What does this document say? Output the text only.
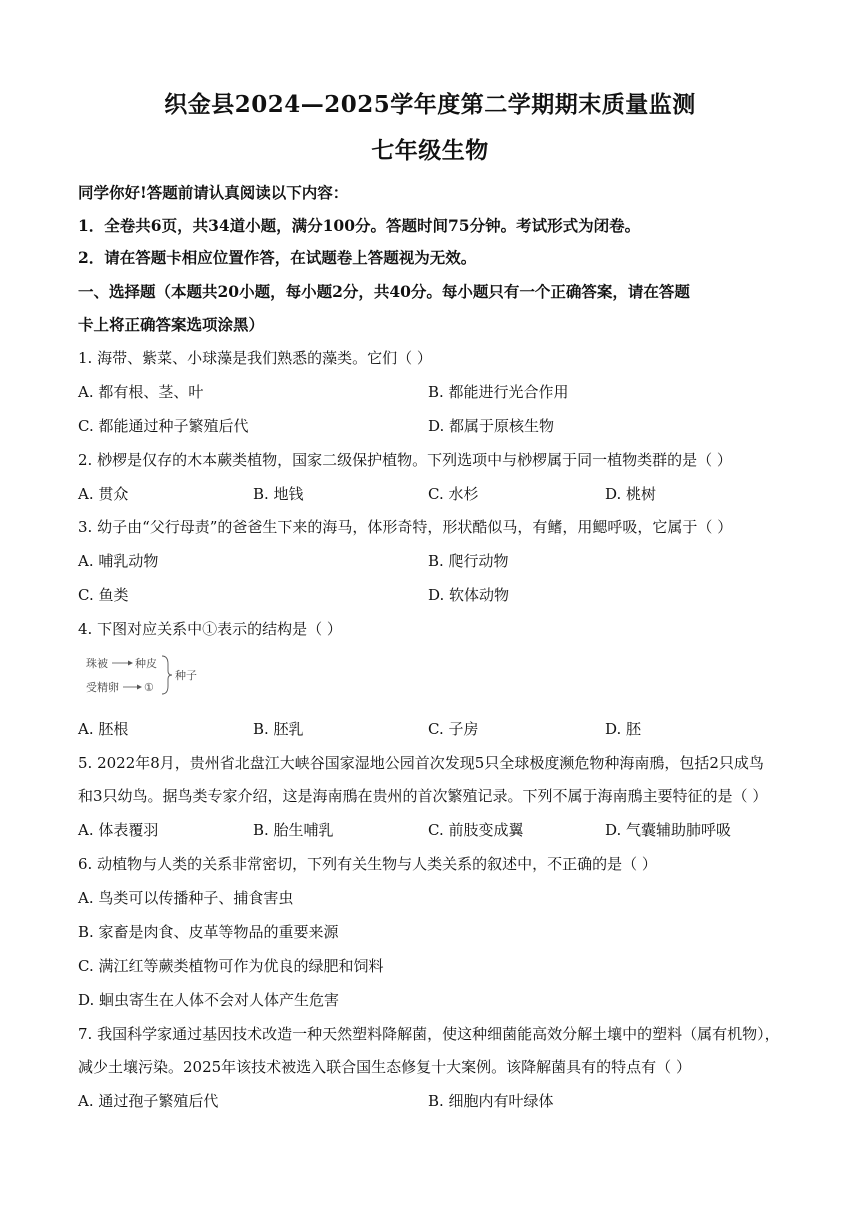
织金县2024—2025学年度第二学期期末质量监测
七年级生物
同学你好!答题前请认真阅读以下内容：
1．全卷共6页，共34道小题，满分100分。答题时间75分钟。考试形式为闭卷。
2．请在答题卡相应位置作答，在试题卷上答题视为无效。
一、选择题（本题共20小题，每小题2分，共40分。每小题只有一个正确答案，请在答题
卡上将正确答案选项涂黑）
1. 海带、紫菜、小球藻是我们熟悉的藻类。它们（ ）
A. 都有根、茎、叶	B. 都能进行光合作用
C. 都能通过种子繁殖后代	D. 都属于原核生物
2. 桫椤是仅存的木本蕨类植物，国家二级保护植物。下列选项中与桫椤属于同一植物类群的是（ ）
A. 贯众	B. 地钱	C. 水杉	D. 桃树
3. 幼子由“父行母责”的爸爸生下来的海马，体形奇特，形状酷似马，有鳍，用鳃呼吸，它属于（ ）
A. 哺乳动物	B. 爬行动物
C. 鱼类	D. 软体动物
4. 下图对应关系中①表示的结构是（ ）
珠被 种皮
受精卵 ①
种子
A. 胚根	B. 胚乳	C. 子房	D. 胚
5. 2022年8月，贵州省北盘江大峡谷国家湿地公园首次发现5只全球极度濒危物种海南鳽，包括2只成鸟
和3只幼鸟。据鸟类专家介绍，这是海南鳽在贵州的首次繁殖记录。下列不属于海南鳽主要特征的是（ ）
A. 体表覆羽	B. 胎生哺乳	C. 前肢变成翼	D. 气囊辅助肺呼吸
6. 动植物与人类的关系非常密切，下列有关生物与人类关系的叙述中，不正确的是（ ）
A. 鸟类可以传播种子、捕食害虫
B. 家畜是肉食、皮革等物品的重要来源
C. 满江红等蕨类植物可作为优良的绿肥和饲料
D. 蛔虫寄生在人体不会对人体产生危害
7. 我国科学家通过基因技术改造一种天然塑料降解菌，使这种细菌能高效分解土壤中的塑料（属有机物），
减少土壤污染。2025年该技术被选入联合国生态修复十大案例。该降解菌具有的特点有（ ）
A. 通过孢子繁殖后代	B. 细胞内有叶绿体
